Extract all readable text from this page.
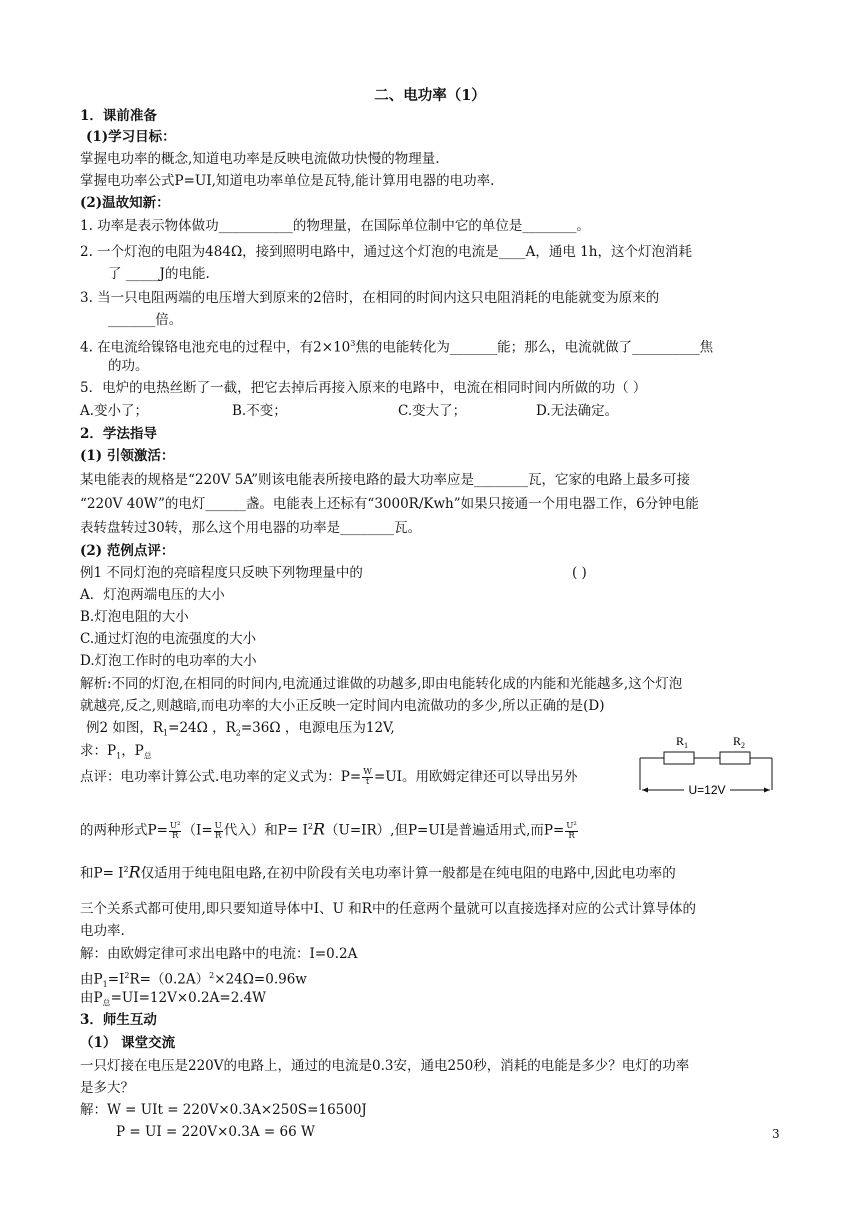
二、电功率（1）
1．课前准备
(1)学习目标：
掌握电功率的概念,知道电功率是反映电流做功快慢的物理量.
掌握电功率公式P=UI,知道电功率单位是瓦特,能计算用电器的电功率.
(2)温故知新：
1. 功率是表示物体做功___________的物理量，在国际单位制中它的单位是________。
2. 一个灯泡的电阻为484Ω，接到照明电路中，通过这个灯泡的电流是____A，通电 1h，这个灯泡消耗
了 _____J的电能.
3. 当一只电阻两端的电压增大到原来的2倍时，在相同的时间内这只电阻消耗的电能就变为原来的
_______倍。
4. 在电流给镍铬电池充电的过程中，有$2\times 10^3$焦的电能转化为_______能；那么，电流就做了__________焦
的功。
5．电炉的电热丝断了一截，把它去掉后再接入原来的电路中，电流在相同时间内所做的功（ ）
A.变小了；	B.不变；	C.变大了；	D.无法确定。
2．学法指导
(1) 引领激活：
某电能表的规格是“220V 5A”则该电能表所接电路的最大功率应是________瓦，它家的电路上最多可接
“220V 40W”的电灯______盏。电能表上还标有“3000R/Kwh”如果只接通一个用电器工作，6分钟电能
表转盘转过30转，那么这个用电器的功率是________瓦。
(2) 范例点评：
例1 不同灯泡的亮暗程度只反映下列物理量中的	( )
A．灯泡两端电压的大小
B.灯泡电阻的大小
C.通过灯泡的电流强度的大小
D.灯泡工作时的电功率的大小
解析:不同的灯泡,在相同的时间内,电流通过谁做的功越多,即由电能转化成的内能和光能越多,这个灯泡
就越亮,反之,则越暗,而电功率的大小正反映一定时间内电流做功的多少,所以正确的是(D)
例2 如图，$R_1=24\Omega$ ，$R_2=36\Omega$ ，电源电压为12V,
求：$P_1$，$P_总$
$R_1$	$R_2$
U=12V
点评：电功率计算公式.电功率的定义式为：$P= \frac{W}{t} =UI$。用欧姆定律还可以导出另外
的两种形式$P= \frac{\text{U²}}{R} (I= \frac{U}{R}$ 代入）和$P= I^2R(U=IR)$,但P=UI是普遍适用式,而$P= \frac{\text{U²}}{R}$
和$P= I^2R$仅适用于纯电阻电路,在初中阶段有关电功率计算一般都是在纯电阻的电路中,因此电功率的
三个关系式都可使用,即只要知道导体中I、U 和R中的任意两个量就可以直接选择对应的公式计算导体的
电功率.
解：由欧姆定律可求出电路中的电流：I=0.2A
由$P_1=I^2R=(0.2A)^2\times 24\Omega=0.96w$
由$P_总=UI=12V\times 0.2A=2.4W$
3．师生互动
（1） 课堂交流
一只灯接在电压是220V的电路上，通过的电流是0.3安，通电250秒，消耗的电能是多少？电灯的功率
是多大？
解：W = UIt = 220V×0.3A×250S=16500J
P = UI = 220V×0.3A = 66 W	3
